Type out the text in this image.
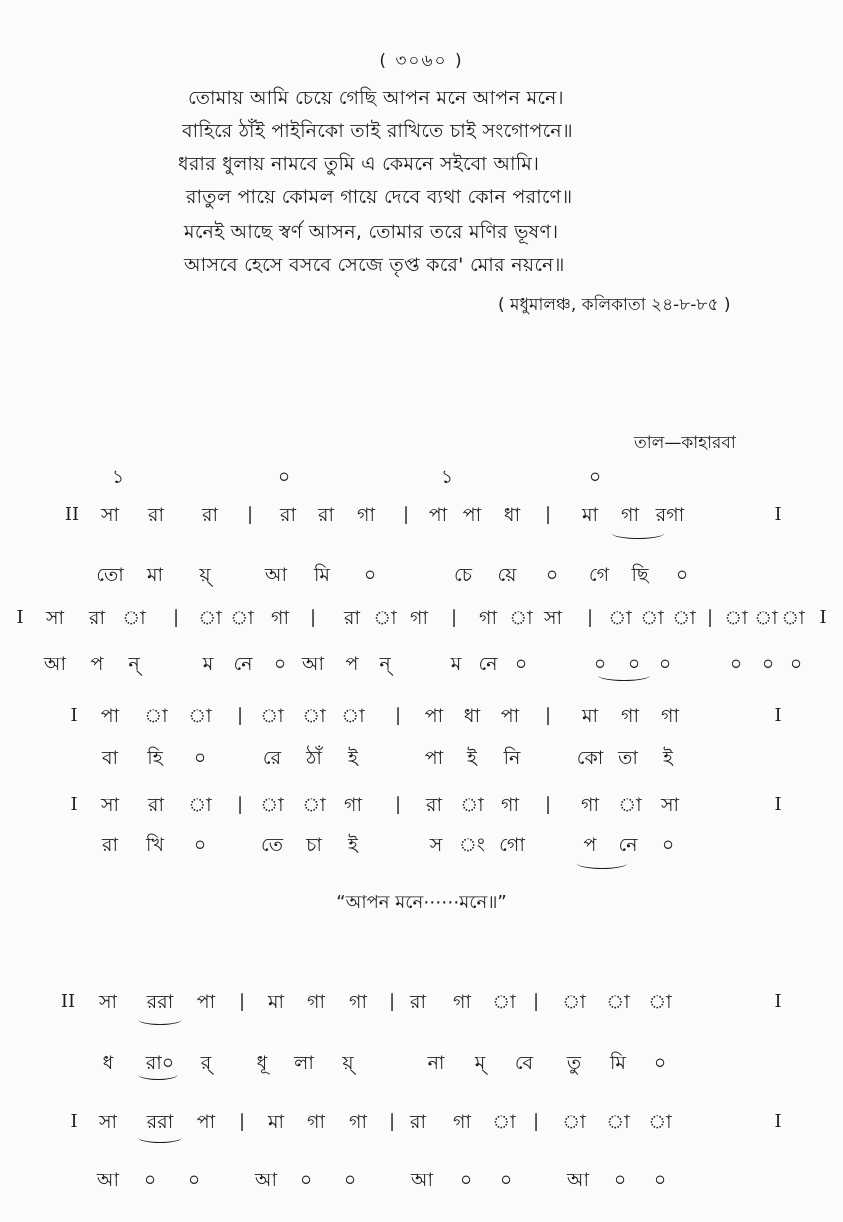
( ৩০৬০ )
তোমায় আমি চেয়ে গেছি আপন মনে আপন মনে।
বাহিরে ঠাঁই পাইনিকো তাই রাখিতে চাই সংগোপনে॥
ধরার ধুলায় নামবে তুমি এ কেমনে সইবো আমি।
রাতুল পায়ে কোমল গায়ে দেবে ব্যথা কোন পরাণে॥
মনেই আছে স্বর্ণ আসন, তোমার তরে মণির ভূষণ।
আসবে হেসে বসবে সেজে তৃপ্ত করে' মোর নয়নে॥
( মধুমালঞ্চ, কলিকাতা ২৪-৮-৮৫ )
তাল—কাহারবা
১	০	১	০
II সা রা রা | রা রা গা | পা পা ধা | মা গা রগা	I
তো মা য়্	আ মি ০	চে য়ে ০ গে ছি ০
I সা রা া | া া গা | রা া গা | গা া সা | া া া | া া া I
আ প ন্	ম নে ০ আ প ন্	ম নে ০	০ ০ ০	০ ০ ০
I পা া া | া া া | পা ধা পা | মা গা গা	I
বা হি ০	রে ঠাঁ ই	পা ই নি	কো তা ই
I সা রা া | া া গা | রা া গা | গা া সা	I
রা খি ০	তে চা ই	স ং গো	প নে ০
II সা ররা পা | মা গা গা | রা গা া | া া া	I
ধ রা০ র্ ধূ লা য়্	না ম্ বে তু মি ০
I সা ররা পা | মা গা গা | রা গা া | া া া	I
আ ০ ০	আ ০ ০	আ ০ ০	আ ০ ০
“আপন মনে⋯⋯মনে॥”
